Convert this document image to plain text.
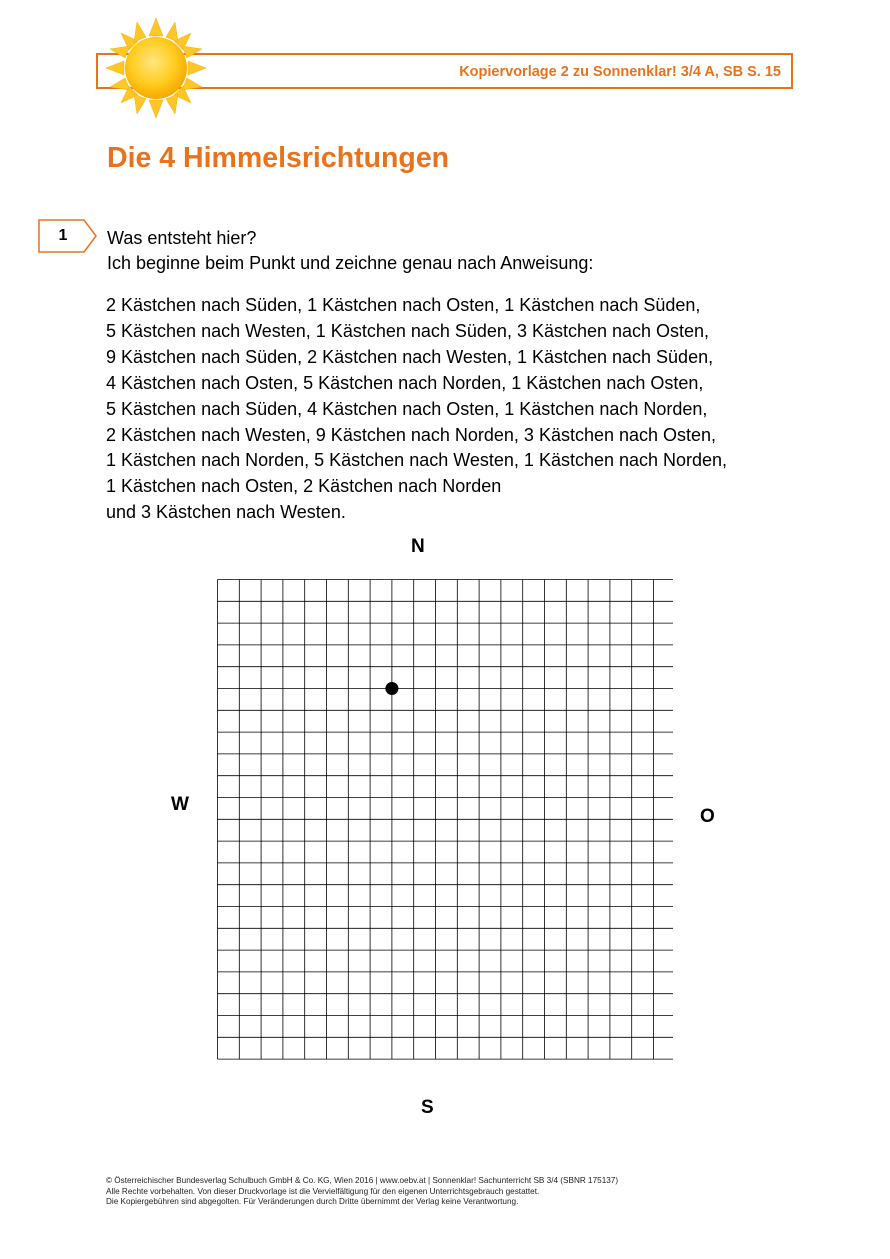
Kopiervorlage 2 zu Sonnenklar! 3/4 A, SB S. 15
Die 4 Himmelsrichtungen
1	Was entsteht hier?
Ich beginne beim Punkt und zeichne genau nach Anweisung:
2 Kästchen nach Süden, 1 Kästchen nach Osten, 1 Kästchen nach Süden,
5 Kästchen nach Westen, 1 Kästchen nach Süden, 3 Kästchen nach Osten,
9 Kästchen nach Süden, 2 Kästchen nach Westen, 1 Kästchen nach Süden,
4 Kästchen nach Osten, 5 Kästchen nach Norden, 1 Kästchen nach Osten,
5 Kästchen nach Süden, 4 Kästchen nach Osten, 1 Kästchen nach Norden,
2 Kästchen nach Westen, 9 Kästchen nach Norden, 3 Kästchen nach Osten,
1 Kästchen nach Norden, 5 Kästchen nach Westen, 1 Kästchen nach Norden,
1 Kästchen nach Osten, 2 Kästchen nach Norden
und 3 Kästchen nach Westen.
N
W
O
S
© Österreichischer Bundesverlag Schulbuch GmbH & Co. KG, Wien 2016 | www.oebv.at | Sonnenklar! Sachunterricht SB 3/4 (SBNR 175137)
Alle Rechte vorbehalten. Von dieser Druckvorlage ist die Vervielfältigung für den eigenen Unterrichtsgebrauch gestattet.
Die Kopiergebühren sind abgegolten. Für Veränderungen durch Dritte übernimmt der Verlag keine Verantwortung.
